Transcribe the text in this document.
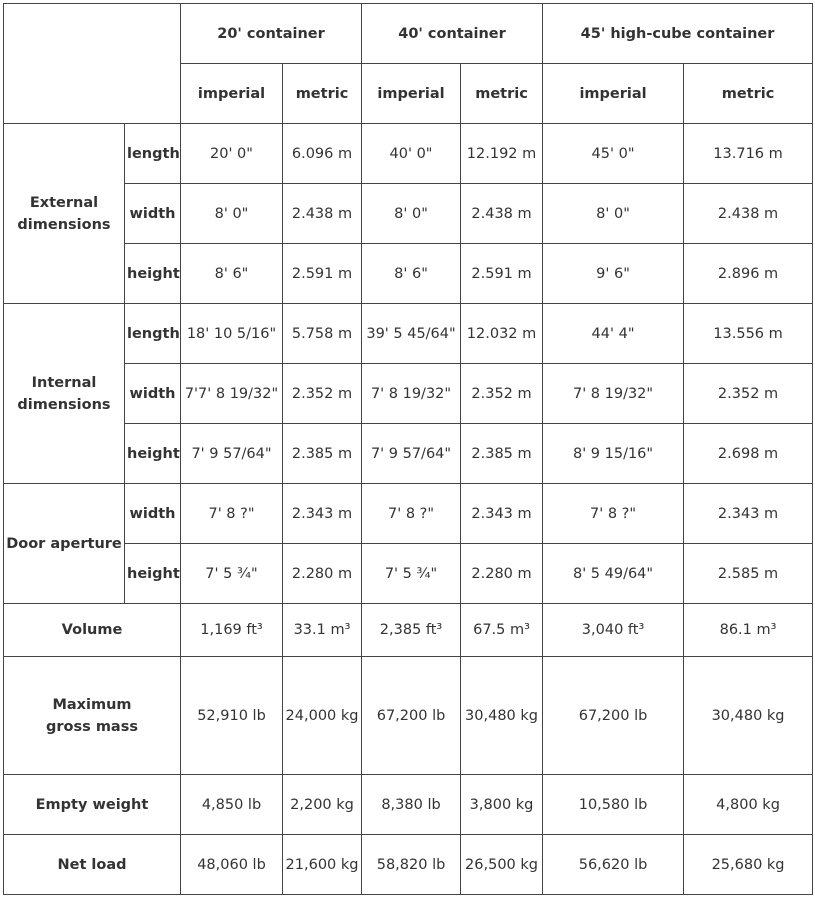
		20' container		40' container		45' high-cube container	
		imperial	metric	imperial	metric	imperial	metric
External
dimensions	length	20' 0"	6.096 m	40' 0"	12.192 m	45' 0"	13.716 m
	width	8' 0"	2.438 m	8' 0"	2.438 m	8' 0"	2.438 m
	height	8' 6"	2.591 m	8' 6"	2.591 m	9' 6"	2.896 m
Internal
dimensions	length	18' 10 5/16"	5.758 m	39' 5 45/64"	12.032 m	44' 4"	13.556 m
	width	7'7' 8 19/32"	2.352 m	7' 8 19/32"	2.352 m	7' 8 19/32"	2.352 m
	height	7' 9 57/64"	2.385 m	7' 9 57/64"	2.385 m	8' 9 15/16"	2.698 m
Door aperture	width	7' 8 ?"	2.343 m	7' 8 ?"	2.343 m	7' 8 ?"	2.343 m
	height	7' 5 ¾"	2.280 m	7' 5 ¾"	2.280 m	8' 5 49/64"	2.585 m
Volume		1,169 ft³	33.1 m³	2,385 ft³	67.5 m³	3,040 ft³	86.1 m³
Maximum
gross mass		52,910 lb	24,000 kg	67,200 lb	30,480 kg	67,200 lb	30,480 kg
Empty weight		4,850 lb	2,200 kg	8,380 lb	3,800 kg	10,580 lb	4,800 kg
Net load		48,060 lb	21,600 kg	58,820 lb	26,500 kg	56,620 lb	25,680 kg
